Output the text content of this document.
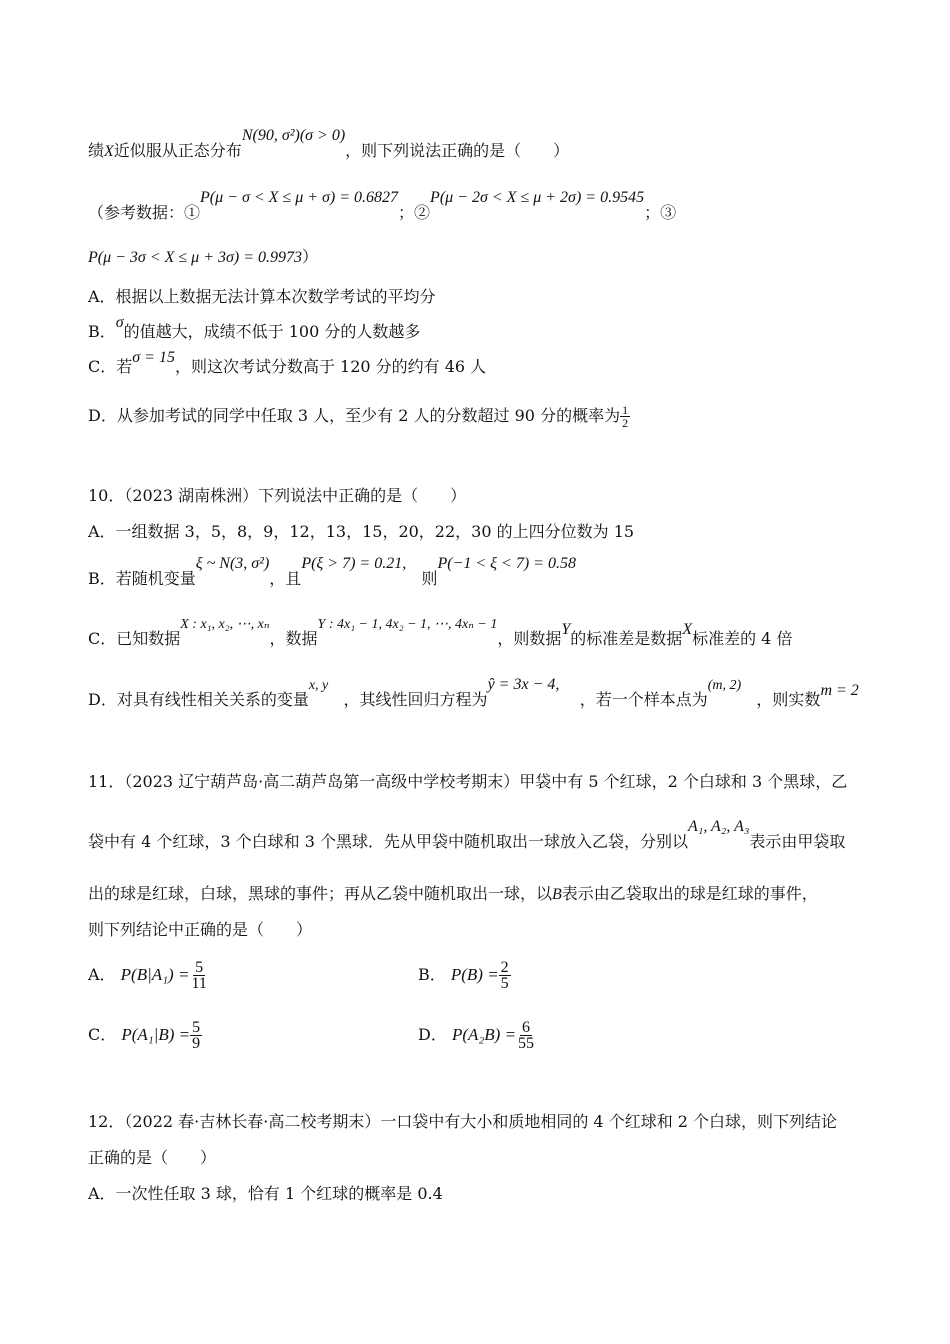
绩X近似服从正态分布N(90, σ²)(σ > 0)，则下列说法正确的是（　　）
（参考数据：①P(μ − σ < X ≤ μ + σ) = 0.6827；②P(μ − 2σ < X ≤ μ + 2σ) = 0.9545；③
P(μ − 3σ < X ≤ μ + 3σ) = 0.9973）
A．根据以上数据无法计算本次数学考试的平均分
B．σ的值越大，成绩不低于 100 分的人数越多
C．若σ = 15，则这次考试分数高于 120 分的约有 46 人
D．从参加考试的同学中任取 3 人，至少有 2 人的分数超过 90 分的概率为 $\frac{1}{2}$
10．（2023 湖南株洲）下列说法中正确的是（　　）
A．一组数据 3，5，8，9，12，13，15，20，22，30 的上四分位数为 15
B．若随机变量ξ ~ N(3, σ²)，且P(ξ > 7) = 0.21,   则P(−1 < ξ < 7) = 0.58
C．已知数据X : x₁, x₂, ⋯, xₙ，数据Y : 4x₁ − 1, 4x₂ − 1, ⋯, 4xₙ − 1，则数据Y的标准差是数据X标准差的 4 倍
D．对具有线性相关关系的变量x, y   ，其线性回归方程为ŷ = 3x − 4,    ，若一个样本点为(m, 2)   ，则实数m = 2
11．（2023 辽宁葫芦岛·高二葫芦岛第一高级中学校考期末）甲袋中有 5 个红球，2 个白球和 3 个黑球，乙
袋中有 4 个红球，3 个白球和 3 个黑球．先从甲袋中随机取出一球放入乙袋，分别以A₁, A₂, A₃表示由甲袋取
出的球是红球，白球，黑球的事件；再从乙袋中随机取出一球，以B表示由乙袋取出的球是红球的事件，
则下列结论中正确的是（　　）
A． $P(B|A_1) = \frac{5}{11}$	B． $P(B) = \frac{2}{5}$
C． $P(A_1|B) = \frac{5}{9}$	D． $P(A_2B) = \frac{6}{55}$
12．（2022 春·吉林长春·高二校考期末）一口袋中有大小和质地相同的 4 个红球和 2 个白球，则下列结论
正确的是（　　）
A．一次性任取 3 球，恰有 1 个红球的概率是 0.4
